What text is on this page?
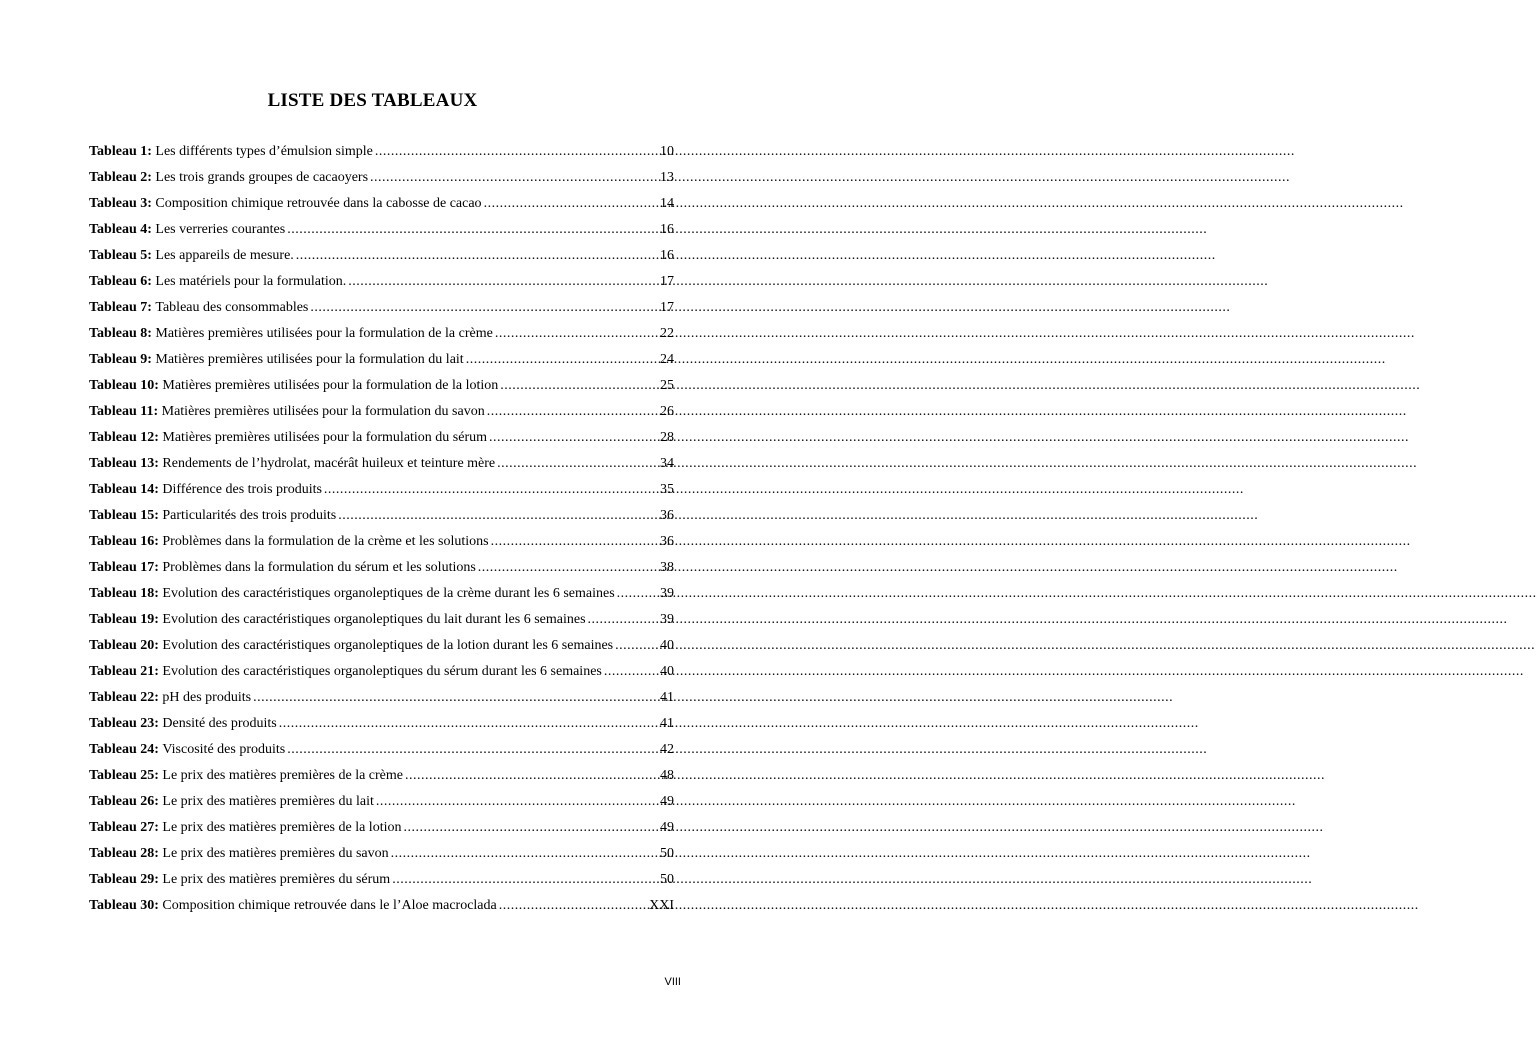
LISTE DES TABLEAUX
Tableau 1:
Les différents types d’émulsion simple .....	10
Tableau 2:
Les trois grands groupes de cacaoyers .....	13
Tableau 3:
Composition chimique retrouvée dans la cabosse de cacao .....	14
Tableau 4:
Les verreries courantes .....	16
Tableau 5:
Les appareils de mesure. .....	16
Tableau 6:
Les matériels pour la formulation. .....	17
Tableau 7:
Tableau des consommables .....	17
Tableau 8:
Matières premières utilisées pour la formulation de la crème .....	22
Tableau 9:
Matières premières utilisées pour la formulation du lait .....	24
Tableau 10:
Matières premières utilisées pour la formulation de la lotion .....	25
Tableau 11:
Matières premières utilisées pour la formulation du savon .....	26
Tableau 12:
Matières premières utilisées pour la formulation du sérum .....	28
Tableau 13:
Rendements de l’hydrolat, macérât huileux et teinture mère .....	34
Tableau 14:
Différence des trois produits .....	35
Tableau 15:
Particularités des trois produits .....	36
Tableau 16:
Problèmes dans la formulation de la crème et les solutions .....	36
Tableau 17:
Problèmes dans la formulation du sérum et les solutions .....	38
Tableau 18:
Evolution des caractéristiques organoleptiques de la crème durant les 6 semaines .....	39
Tableau 19:
Evolution des caractéristiques organoleptiques du lait durant les 6 semaines .....	39
Tableau 20:
Evolution des caractéristiques organoleptiques de la lotion durant les 6 semaines .....	40
Tableau 21:
Evolution des caractéristiques organoleptiques du sérum durant les 6 semaines .....	40
Tableau 22:
pH des produits .....	41
Tableau 23:
Densité des produits .....	41
Tableau 24:
Viscosité des produits .....	42
Tableau 25:
Le prix des matières premières de la crème .....	48
Tableau 26:
Le prix des matières premières du lait .....	49
Tableau 27:
Le prix des matières premières de la lotion .....	49
Tableau 28:
Le prix des matières premières du savon .....	50
Tableau 29:
Le prix des matières premières du sérum .....	50
Tableau 30:
Composition chimique retrouvée dans le l’Aloe macroclada .....	XXI
VIII
